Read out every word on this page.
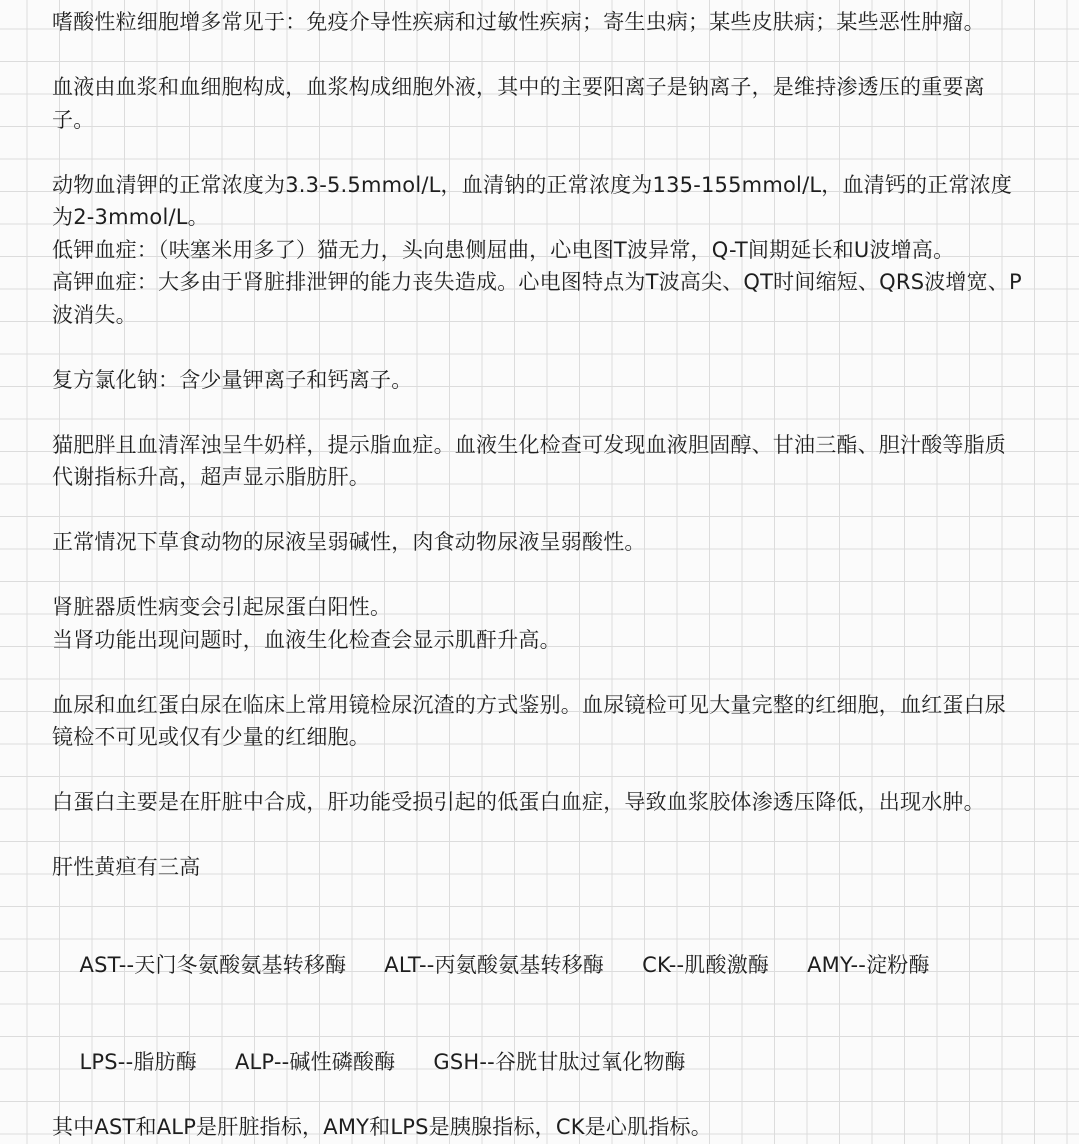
嗜酸性粒细胞增多常见于：免疫介导性疾病和过敏性疾病；寄生虫病；某些皮肤病；某些恶性肿瘤。

血液由血浆和血细胞构成，血浆构成细胞外液，其中的主要阳离子是钠离子，是维持渗透压的重要离子。

动物血清钾的正常浓度为3.3-5.5mmol/L，血清钠的正常浓度为135-155mmol/L，血清钙的正常浓度为2-3mmol/L。

低钾血症：（呋塞米用多了）猫无力，头向患侧屈曲，心电图T波异常，Q-T间期延长和U波增高。

高钾血症：大多由于肾脏排泄钾的能力丧失造成。心电图特点为T波高尖、QT时间缩短、QRS波增宽、P波消失。

复方氯化钠：含少量钾离子和钙离子。

猫肥胖且血清浑浊呈牛奶样，提示脂血症。血液生化检查可发现血液胆固醇、甘油三酯、胆汁酸等脂质代谢指标升高，超声显示脂肪肝。

正常情况下草食动物的尿液呈弱碱性，肉食动物尿液呈弱酸性。

肾脏器质性病变会引起尿蛋白阳性。

当肾功能出现问题时，血液生化检查会显示肌酐升高。

血尿和血红蛋白尿在临床上常用镜检尿沉渣的方式鉴别。血尿镜检可见大量完整的红细胞，血红蛋白尿镜检不可见或仅有少量的红细胞。

白蛋白主要是在肝脏中合成，肝功能受损引起的低蛋白血症，导致血浆胶体渗透压降低，出现水肿。

肝性黄疸有三高

AST--天门冬氨酸氨基转移酶 ALT--丙氨酸氨基转移酶 CK--肌酸激酶 AMY--淀粉酶

LPS--脂肪酶 ALP--碱性磷酸酶 GSH--谷胱甘肽过氧化物酶

其中AST和ALP是肝脏指标，AMY和LPS是胰腺指标，CK是心肌指标。
